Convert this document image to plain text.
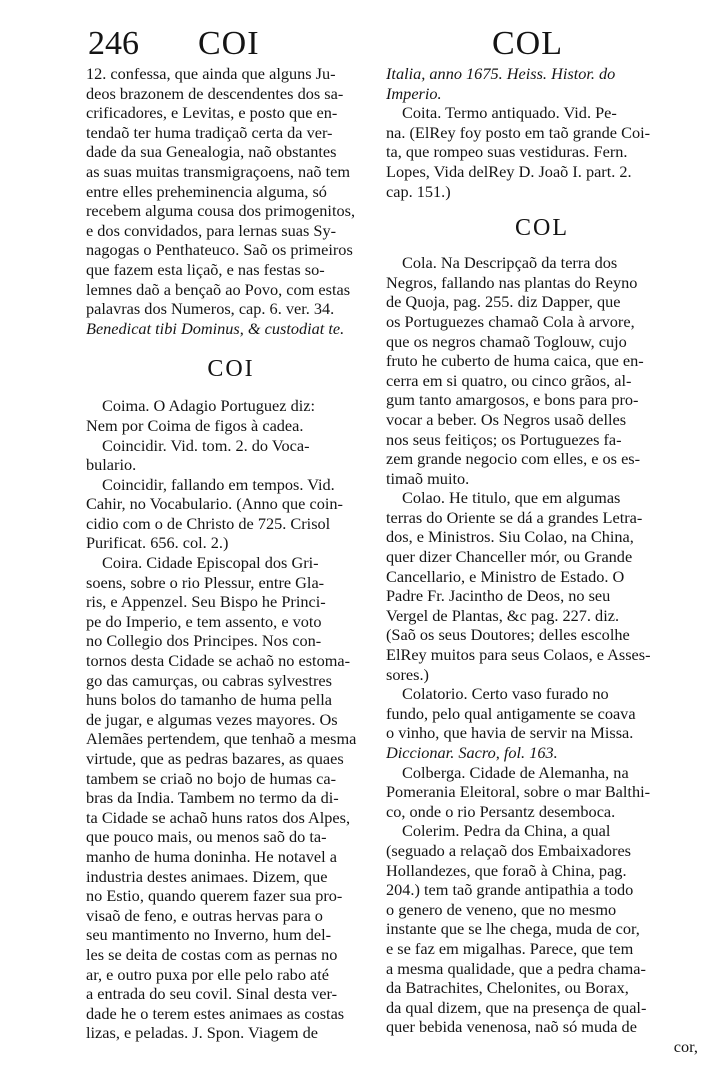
246 COI	COL
12. confessa, que ainda que alguns Ju-
deos brazonem de descendentes dos sa-
crificadores, e Levitas, e posto que en-
tendaõ ter huma tradiçaõ certa da ver-
dade da sua Genealogia, naõ obstantes
as suas muitas transmigraçoens, naõ tem
entre elles preheminencia alguma, só
recebem alguma cousa dos primogenitos,
e dos convidados, para lernas suas Sy-
nagogas o Penthateuco. Saõ os primeiros
que fazem esta liçaõ, e nas festas so-
lemnes daõ a bençaõ ao Povo, com estas
palavras dos Numeros, cap. 6. ver. 34.
Benedicat tibi Dominus, & custodiat te.
COI
Coima. O Adagio Portuguez diz:
Nem por Coima de figos à cadea.
Coincidir. Vid. tom. 2. do Voca-
bulario.
Coincidir, fallando em tempos. Vid.
Cahir, no Vocabulario. (Anno que coin-
cidio com o de Christo de 725. Crisol
Purificat. 656. col. 2.)
Coira. Cidade Episcopal dos Gri-
soens, sobre o rio Plessur, entre Gla-
ris, e Appenzel. Seu Bispo he Princi-
pe do Imperio, e tem assento, e voto
no Collegio dos Principes. Nos con-
tornos desta Cidade se achaõ no estoma-
go das camurças, ou cabras sylvestres
huns bolos do tamanho de huma pella
de jugar, e algumas vezes mayores. Os
Alemães pertendem, que tenhaõ a mesma
virtude, que as pedras bazares, as quaes
tambem se criaõ no bojo de humas ca-
bras da India. Tambem no termo da di-
ta Cidade se achaõ huns ratos dos Alpes,
que pouco mais, ou menos saõ do ta-
manho de huma doninha. He notavel a
industria destes animaes. Dizem, que
no Estio, quando querem fazer sua pro-
visaõ de feno, e outras hervas para o
seu mantimento no Inverno, hum del-
les se deita de costas com as pernas no
ar, e outro puxa por elle pelo rabo até
a entrada do seu covil. Sinal desta ver-
dade he o terem estes animaes as costas
lizas, e peladas. J. Spon. Viagem de
Italia, anno 1675. Heiss. Histor. do
Imperio.
Coita. Termo antiquado. Vid. Pe-
na. (ElRey foy posto em taõ grande Coi-
ta, que rompeo suas vestiduras. Fern.
Lopes, Vida delRey D. Joaõ I. part. 2.
cap. 151.)
COL
Cola. Na Descripçaõ da terra dos
Negros, fallando nas plantas do Reyno
de Quoja, pag. 255. diz Dapper, que
os Portuguezes chamaõ Cola à arvore,
que os negros chamaõ Toglouw, cujo
fruto he cuberto de huma caica, que en-
cerra em si quatro, ou cinco grãos, al-
gum tanto amargosos, e bons para pro-
vocar a beber. Os Negros usaõ delles
nos seus feitiços; os Portuguezes fa-
zem grande negocio com elles, e os es-
timaõ muito.
Colao. He titulo, que em algumas
terras do Oriente se dá a grandes Letra-
dos, e Ministros. Siu Colao, na China,
quer dizer Chanceller mór, ou Grande
Cancellario, e Ministro de Estado. O
Padre Fr. Jacintho de Deos, no seu
Vergel de Plantas, &c pag. 227. diz.
(Saõ os seus Doutores; delles escolhe
ElRey muitos para seus Colaos, e Asses-
sores.)
Colatorio. Certo vaso furado no
fundo, pelo qual antigamente se coava
o vinho, que havia de servir na Missa.
Diccionar. Sacro, fol. 163.
Colberga. Cidade de Alemanha, na
Pomerania Eleitoral, sobre o mar Balthi-
co, onde o rio Persantz desemboca.
Colerim. Pedra da China, a qual
(seguado a relaçaõ dos Embaixadores
Hollandezes, que foraõ à China, pag.
204.) tem taõ grande antipathia a todo
o genero de veneno, que no mesmo
instante que se lhe chega, muda de cor,
e se faz em migalhas. Parece, que tem
a mesma qualidade, que a pedra chama-
da Batrachites, Chelonites, ou Borax,
da qual dizem, que na presença de qual-
quer bebida venenosa, naõ só muda de
cor,
